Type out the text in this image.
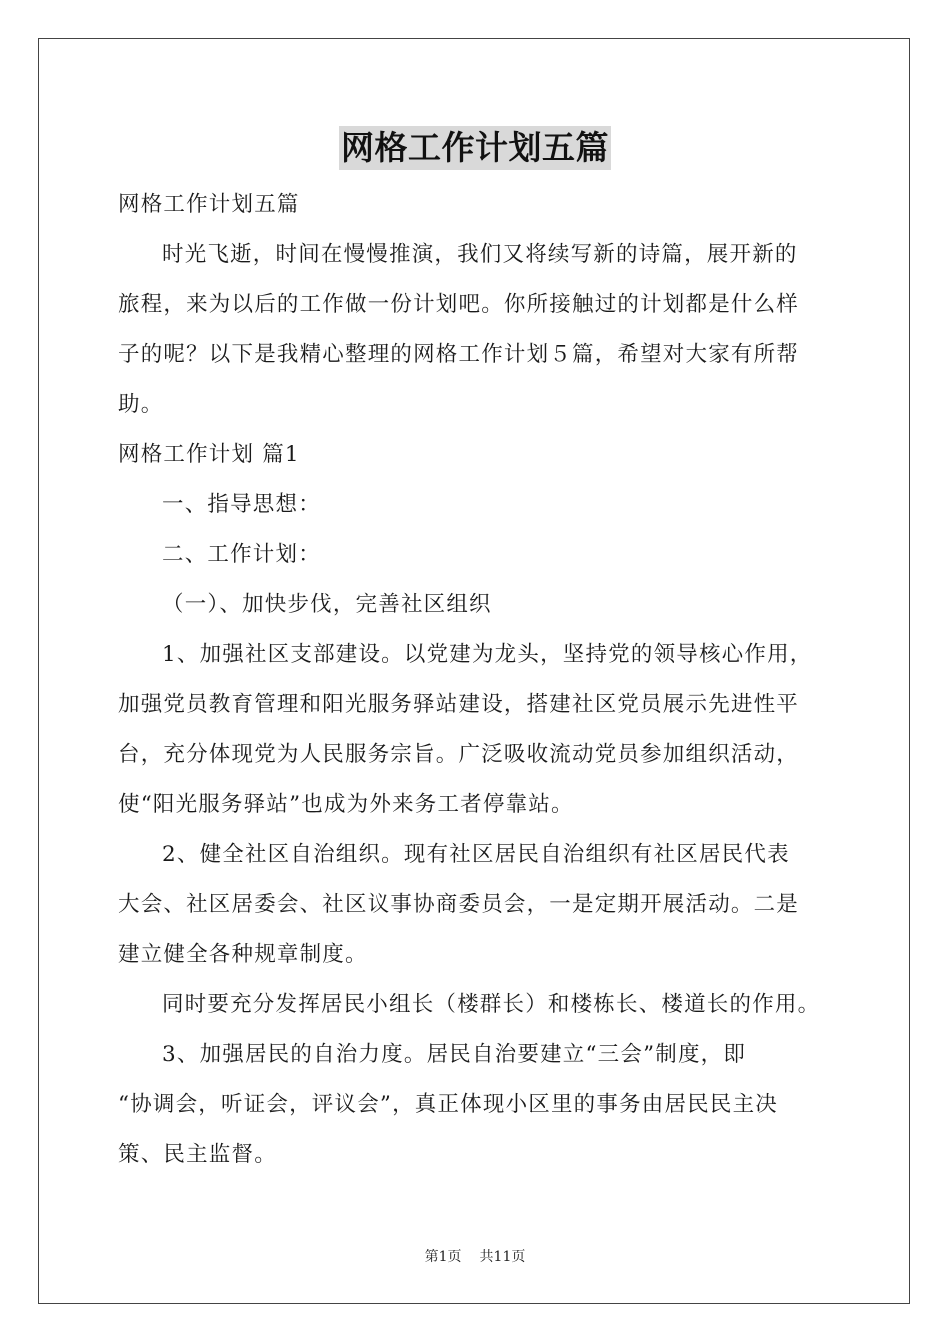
网格工作计划五篇
网格工作计划五篇
时光飞逝，时间在慢慢推演，我们又将续写新的诗篇，展开新的
旅程，来为以后的工作做一份计划吧。你所接触过的计划都是什么样
子的呢？以下是我精心整理的网格工作计划５篇，希望对大家有所帮
助。
网格工作计划 篇1
一、指导思想：
二、工作计划：
（一）、加快步伐，完善社区组织
1、加强社区支部建设。以党建为龙头，坚持党的领导核心作用，
加强党员教育管理和阳光服务驿站建设，搭建社区党员展示先进性平
台，充分体现党为人民服务宗旨。广泛吸收流动党员参加组织活动，
使“阳光服务驿站”也成为外来务工者停靠站。
2、健全社区自治组织。现有社区居民自治组织有社区居民代表
大会、社区居委会、社区议事协商委员会，一是定期开展活动。二是
建立健全各种规章制度。
同时要充分发挥居民小组长（楼群长）和楼栋长、楼道长的作用。
3、加强居民的自治力度。居民自治要建立“三会”制度，即
“协调会，听证会，评议会”，真正体现小区里的事务由居民民主决
策、民主监督。
第1页 共11页
